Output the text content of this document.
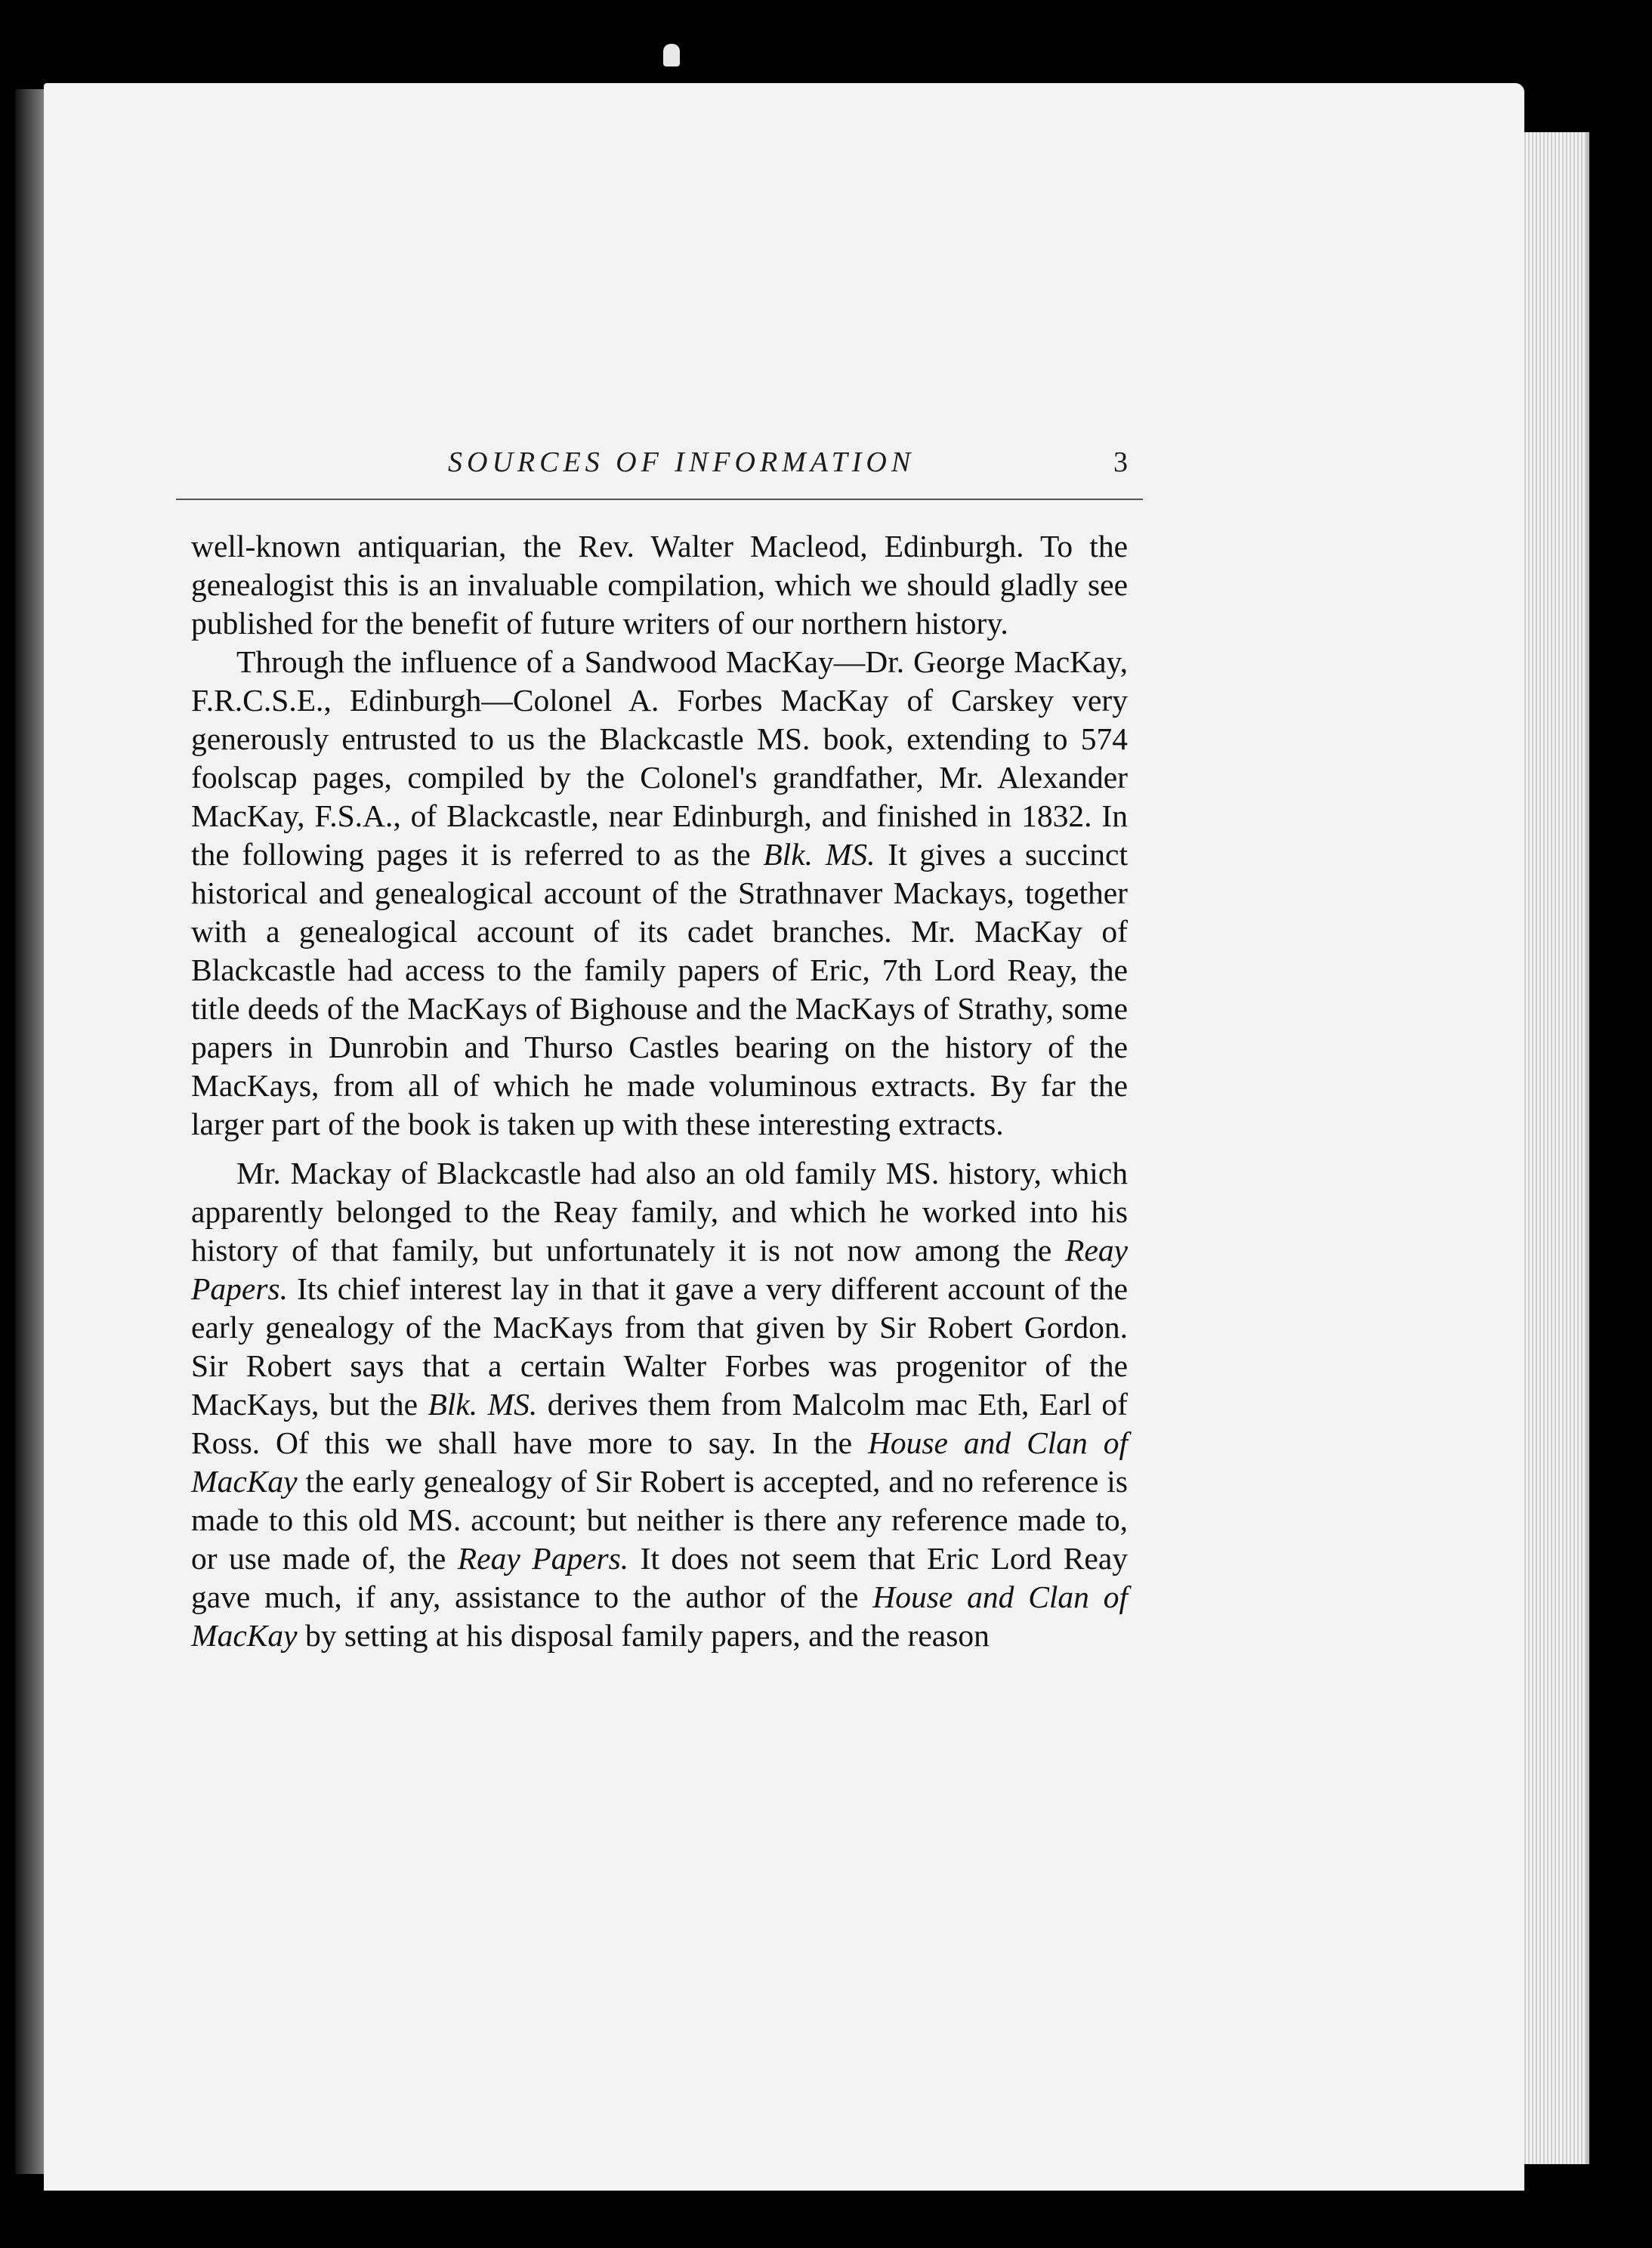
SOURCES OF INFORMATION	3

well-known antiquarian, the Rev. Walter Macleod, Edinburgh. To the genealogist this is an invaluable compilation, which we should gladly see published for the benefit of future writers of our northern history.

Through the influence of a Sandwood MacKay—Dr. George MacKay, F.R.C.S.E., Edinburgh—Colonel A. Forbes MacKay of Carskey very generously entrusted to us the Blackcastle MS. book, extending to 574 foolscap pages, compiled by the Colonel's grandfather, Mr. Alexander MacKay, F.S.A., of Blackcastle, near Edinburgh, and finished in 1832. In the following pages it is referred to as the Blk. MS. It gives a succinct historical and genealogical account of the Strathnaver Mackays, together with a genealogical account of its cadet branches. Mr. MacKay of Blackcastle had access to the family papers of Eric, 7th Lord Reay, the title deeds of the MacKays of Bighouse and the MacKays of Strathy, some papers in Dunrobin and Thurso Castles bearing on the history of the MacKays, from all of which he made voluminous extracts. By far the larger part of the book is taken up with these interesting extracts.

Mr. Mackay of Blackcastle had also an old family MS. history, which apparently belonged to the Reay family, and which he worked into his history of that family, but unfortunately it is not now among the Reay Papers. Its chief interest lay in that it gave a very different account of the early genealogy of the MacKays from that given by Sir Robert Gordon. Sir Robert says that a certain Walter Forbes was progenitor of the MacKays, but the Blk. MS. derives them from Malcolm mac Eth, Earl of Ross. Of this we shall have more to say. In the House and Clan of MacKay the early genealogy of Sir Robert is accepted, and no reference is made to this old MS. account; but neither is there any reference made to, or use made of, the Reay Papers. It does not seem that Eric Lord Reay gave much, if any, assistance to the author of the House and Clan of MacKay by setting at his disposal family papers, and the reason
